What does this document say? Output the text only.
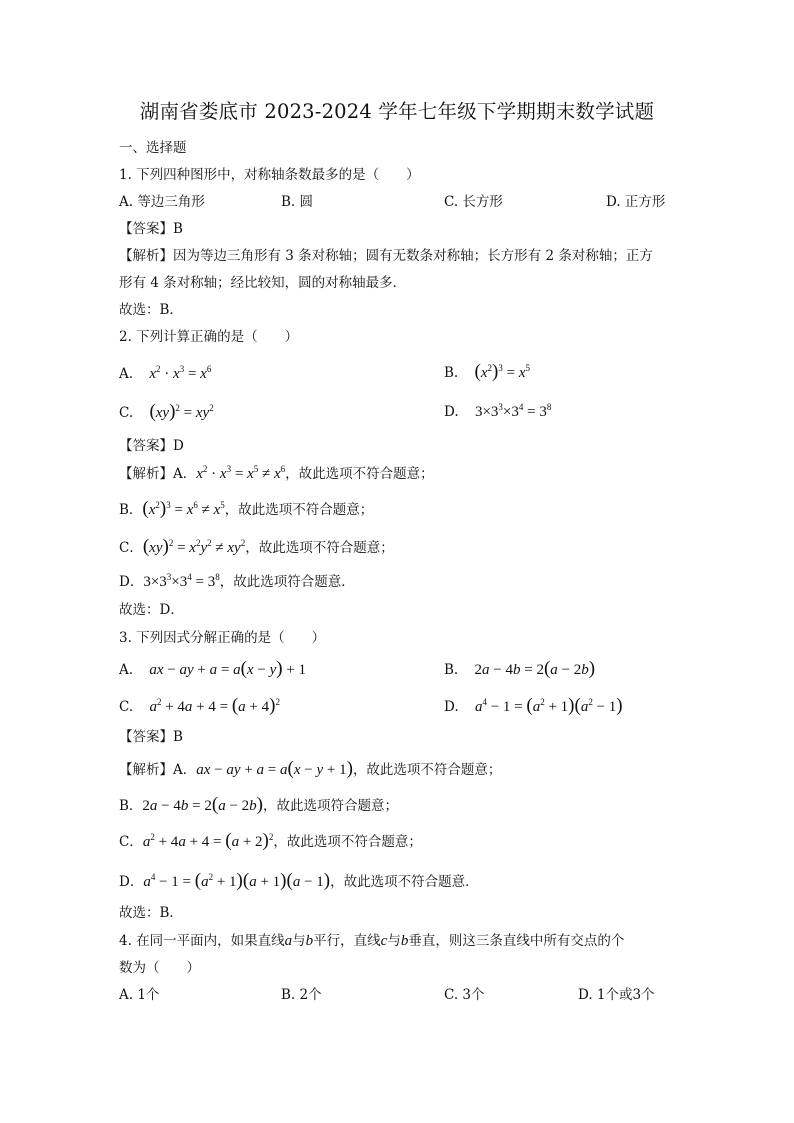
湖南省娄底市 2023-2024 学年七年级下学期期末数学试题
一、选择题
1. 下列四种图形中，对称轴条数最多的是（　　）
A. 等边三角形	B. 圆	C. 长方形	D. 正方形
【答案】B
【解析】因为等边三角形有 3 条对称轴；圆有无数条对称轴；长方形有 2 条对称轴；正方
形有 4 条对称轴；经比较知，圆的对称轴最多．
故选：B．
2. 下列计算正确的是（　　）
A. $x^2 \cdot x^3 = x^6$	B. $(x^2)^3 = x^5$
C. $(xy)^2 = xy^2$	D. $3\times 3^3\times 3^4 = 3^8$
【答案】D
【解析】A．$x^2 \cdot x^3 = x^5 \ne x^6$，故此选项不符合题意；
B．$(x^2)^3 = x^6 \ne x^5$，故此选项不符合题意；
C．$(xy)^2 = x^2y^2 \ne xy^2$，故此选项不符合题意；
D．$3\times 3^3\times 3^4 = 3^8$，故此选项符合题意．
故选：D．
3. 下列因式分解正确的是（　　）
A. ax − ay + a = a(x − y) + 1	B. 2a − 4b = 2(a − 2b)
C. $a^2 + 4a + 4 = (a + 4)^2$	D. $a^4 - 1 = (a^2 + 1)(a^2 - 1)$
【答案】B
【解析】A．ax − ay + a = a(x − y + 1)，故此选项不符合题意；
B．2a − 4b = 2(a − 2b)，故此选项符合题意；
C．$a^2 + 4a + 4 = (a + 2)^2$，故此选项不符合题意；
D．$a^4 - 1 = (a^2 + 1)(a + 1)(a - 1)$，故此选项不符合题意．
故选：B．
4. 在同一平面内，如果直线a与b平行，直线c与b垂直，则这三条直线中所有交点的个
数为（　　）
A. 1个	B. 2个	C. 3个	D. 1个或3个
